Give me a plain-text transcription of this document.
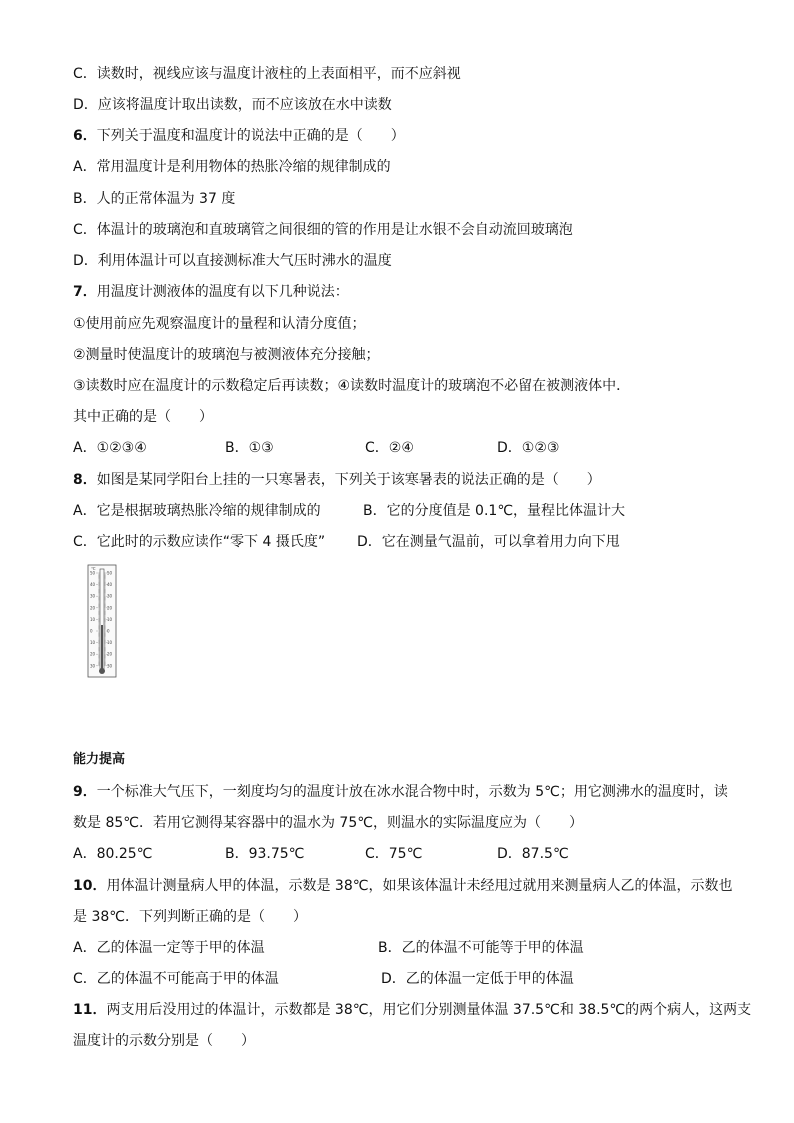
C．读数时，视线应该与温度计液柱的上表面相平，而不应斜视
D．应该将温度计取出读数，而不应该放在水中读数
6．下列关于温度和温度计的说法中正确的是（　　）
A．常用温度计是利用物体的热胀冷缩的规律制成的
B．人的正常体温为 37 度
C．体温计的玻璃泡和直玻璃管之间很细的管的作用是让水银不会自动流回玻璃泡
D．利用体温计可以直接测标准大气压时沸水的温度
7．用温度计测液体的温度有以下几种说法：
①使用前应先观察温度计的量程和认清分度值；
②测量时使温度计的玻璃泡与被测液体充分接触；
③读数时应在温度计的示数稳定后再读数；④读数时温度计的玻璃泡不必留在被测液体中．
其中正确的是（　　）
A．①②③④	B．①③	C．②④	D．①②③
8．如图是某同学阳台上挂的一只寒暑表，下列关于该寒暑表的说法正确的是（　　）
A．它是根据玻璃热胀冷缩的规律制成的	B．它的分度值是 0.1℃，量程比体温计大
C．它此时的示数应读作“零下 4 摄氏度” D．它在测量气温前，可以拿着用力向下甩
℃
50	50
40	40
30	30
20	20
10	10
0	0
10	10
20	20
30	30
能力提高
9．一个标准大气压下，一刻度均匀的温度计放在冰水混合物中时，示数为 5℃；用它测沸水的温度时，读
数是 85℃．若用它测得某容器中的温水为 75℃，则温水的实际温度应为（　　）
A．80.25℃	B．93.75℃	C．75℃	D．87.5℃
10．用体温计测量病人甲的体温，示数是 38℃，如果该体温计未经甩过就用来测量病人乙的体温，示数也
是 38℃．下列判断正确的是（　　）
A．乙的体温一定等于甲的体温	B．乙的体温不可能等于甲的体温
C．乙的体温不可能高于甲的体温	D．乙的体温一定低于甲的体温
11．两支用后没用过的体温计，示数都是 38℃，用它们分别测量体温 37.5℃和 38.5℃的两个病人，这两支
温度计的示数分别是（　　）
